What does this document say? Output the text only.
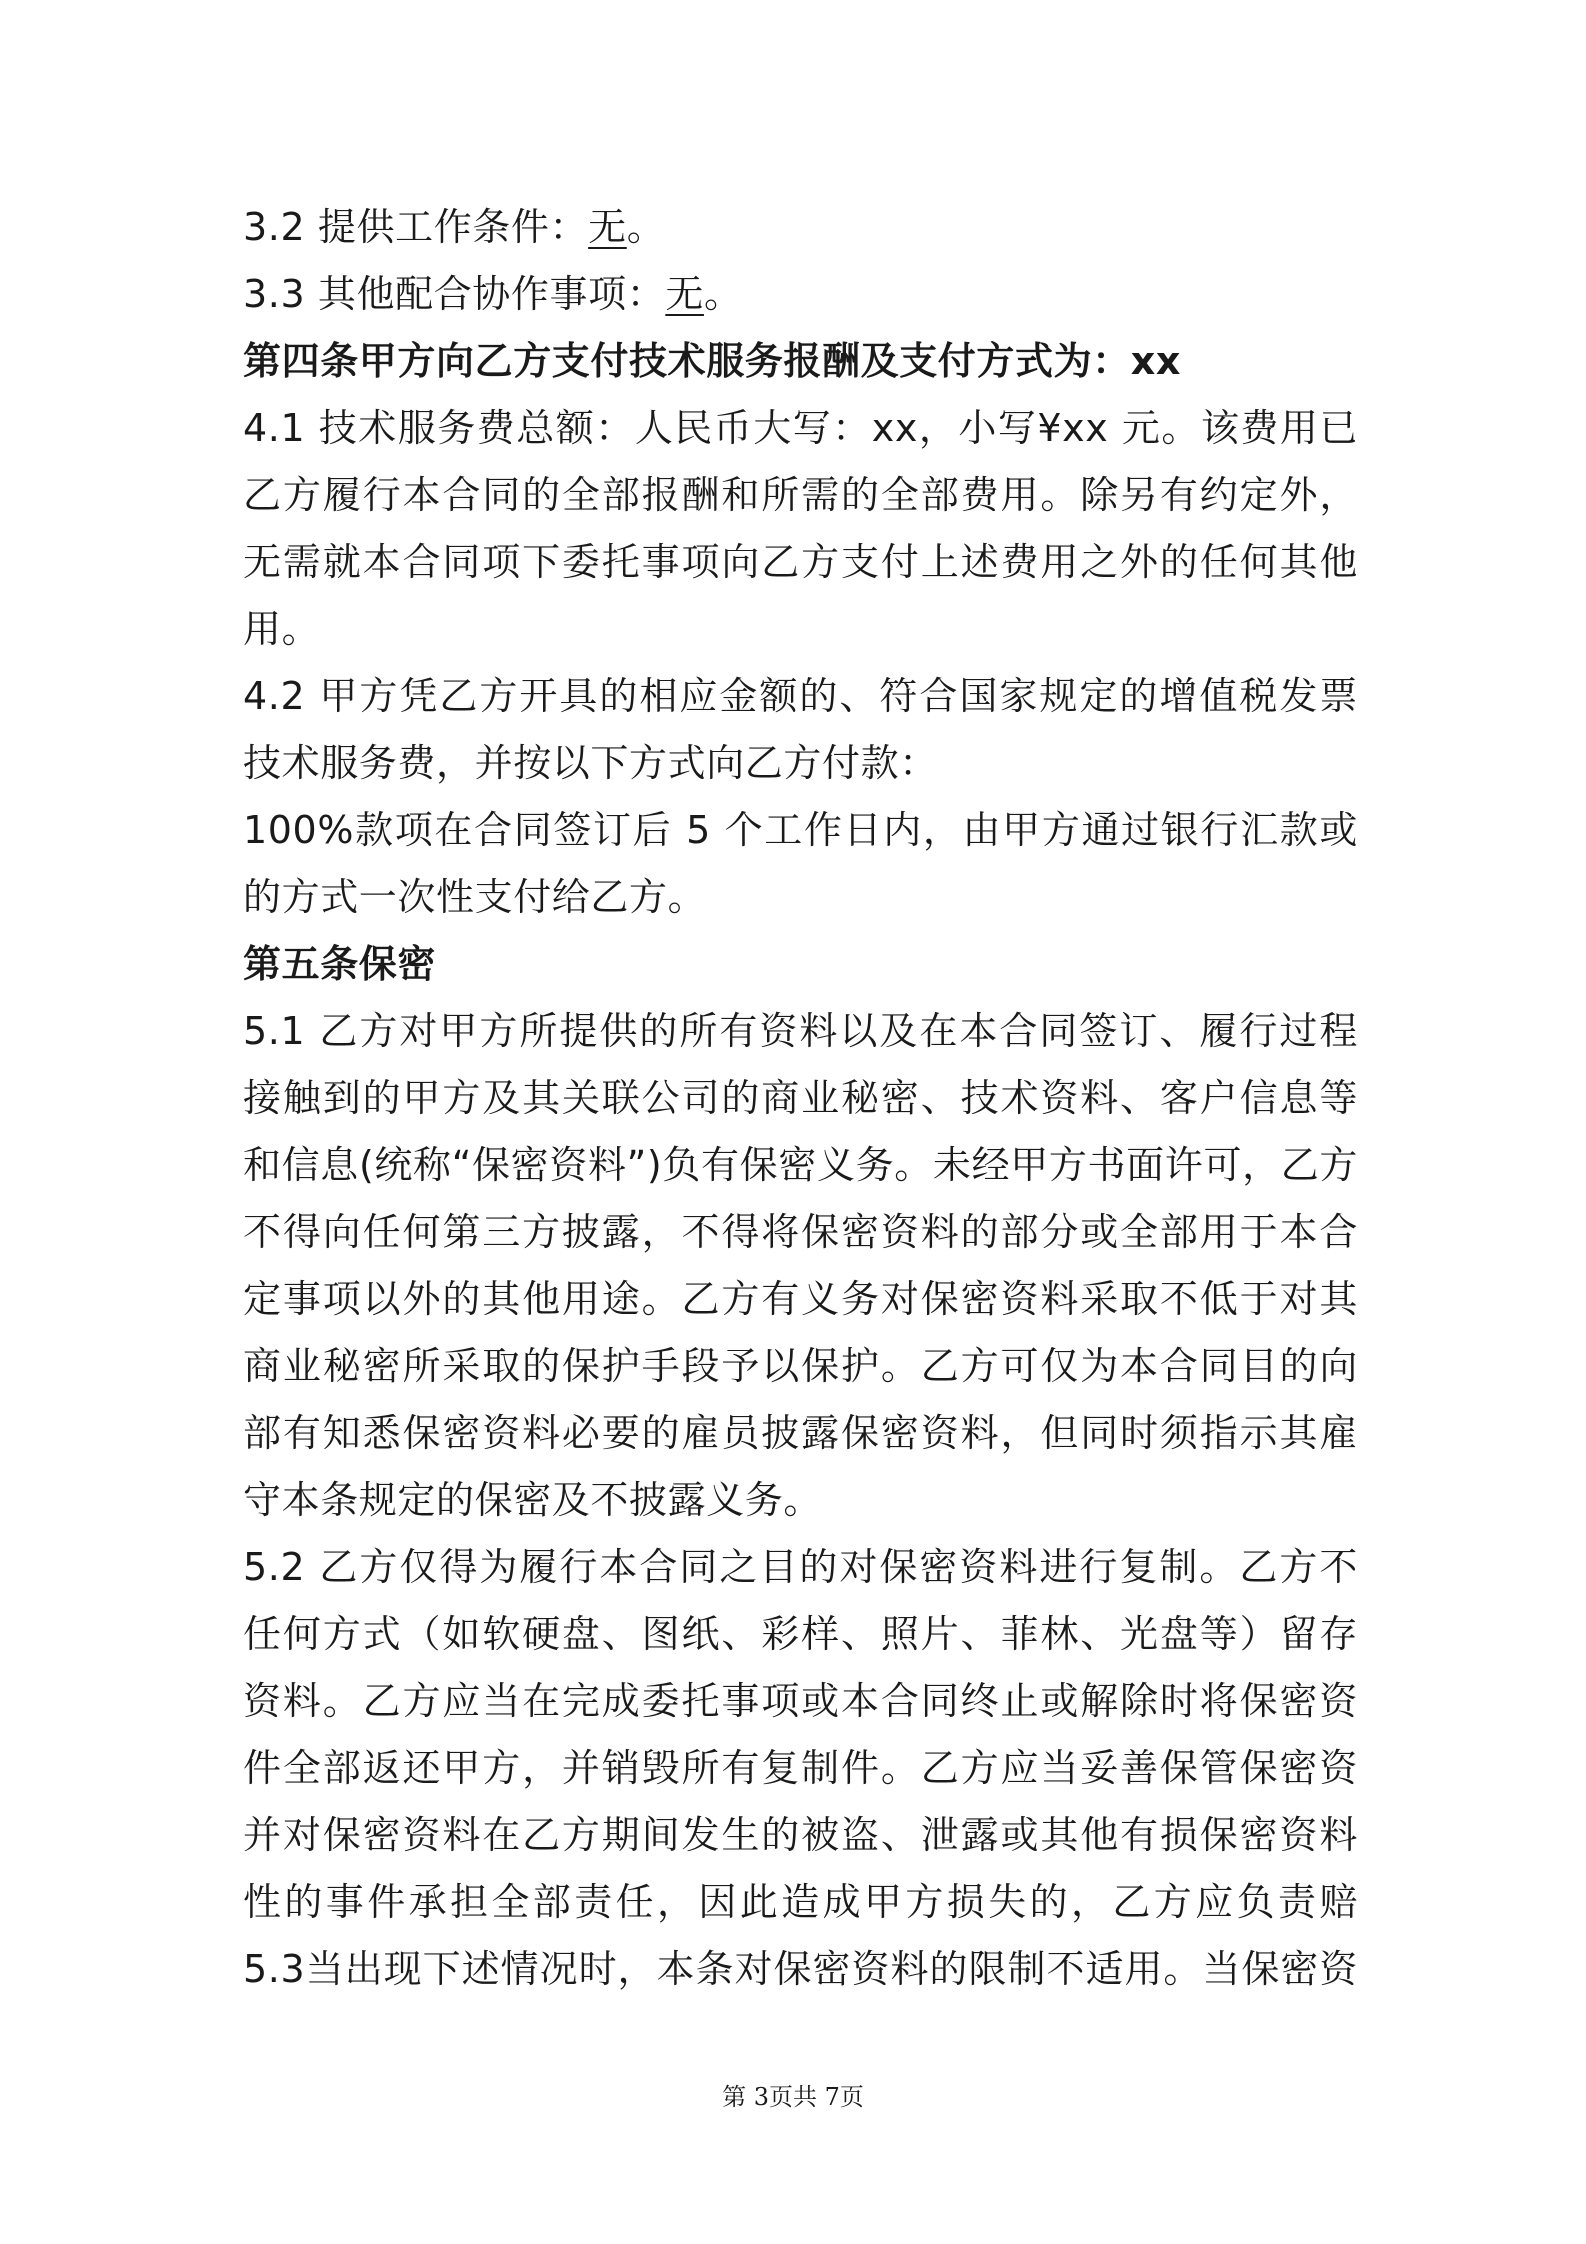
3.2 提供工作条件：无。
3.3 其他配合协作事项：无。
第四条甲方向乙方支付技术服务报酬及支付方式为：xx
4.1 技术服务费总额：人民币大写：xx，小写¥xx 元。该费用已
乙方履行本合同的全部报酬和所需的全部费用。除另有约定外，
无需就本合同项下委托事项向乙方支付上述费用之外的任何其他
用。
4.2 甲方凭乙方开具的相应金额的、符合国家规定的增值税发票
技术服务费，并按以下方式向乙方付款：
100%款项在合同签订后 5 个工作日内，由甲方通过银行汇款或
的方式一次性支付给乙方。
第五条保密
5.1 乙方对甲方所提供的所有资料以及在本合同签订、履行过程
接触到的甲方及其关联公司的商业秘密、技术资料、客户信息等
和信息(统称“保密资料”)负有保密义务。未经甲方书面许可，乙方
不得向任何第三方披露，不得将保密资料的部分或全部用于本合
定事项以外的其他用途。乙方有义务对保密资料采取不低于对其
商业秘密所采取的保护手段予以保护。乙方可仅为本合同目的向
部有知悉保密资料必要的雇员披露保密资料，但同时须指示其雇
守本条规定的保密及不披露义务。
5.2 乙方仅得为履行本合同之目的对保密资料进行复制。乙方不
任何方式（如软硬盘、图纸、彩样、照片、菲林、光盘等）留存
资料。乙方应当在完成委托事项或本合同终止或解除时将保密资
件全部返还甲方，并销毁所有复制件。乙方应当妥善保管保密资
并对保密资料在乙方期间发生的被盗、泄露或其他有损保密资料
性的事件承担全部责任，因此造成甲方损失的，乙方应负责赔
5.3当出现下述情况时，本条对保密资料的限制不适用。当保密资
第 3页共 7页
